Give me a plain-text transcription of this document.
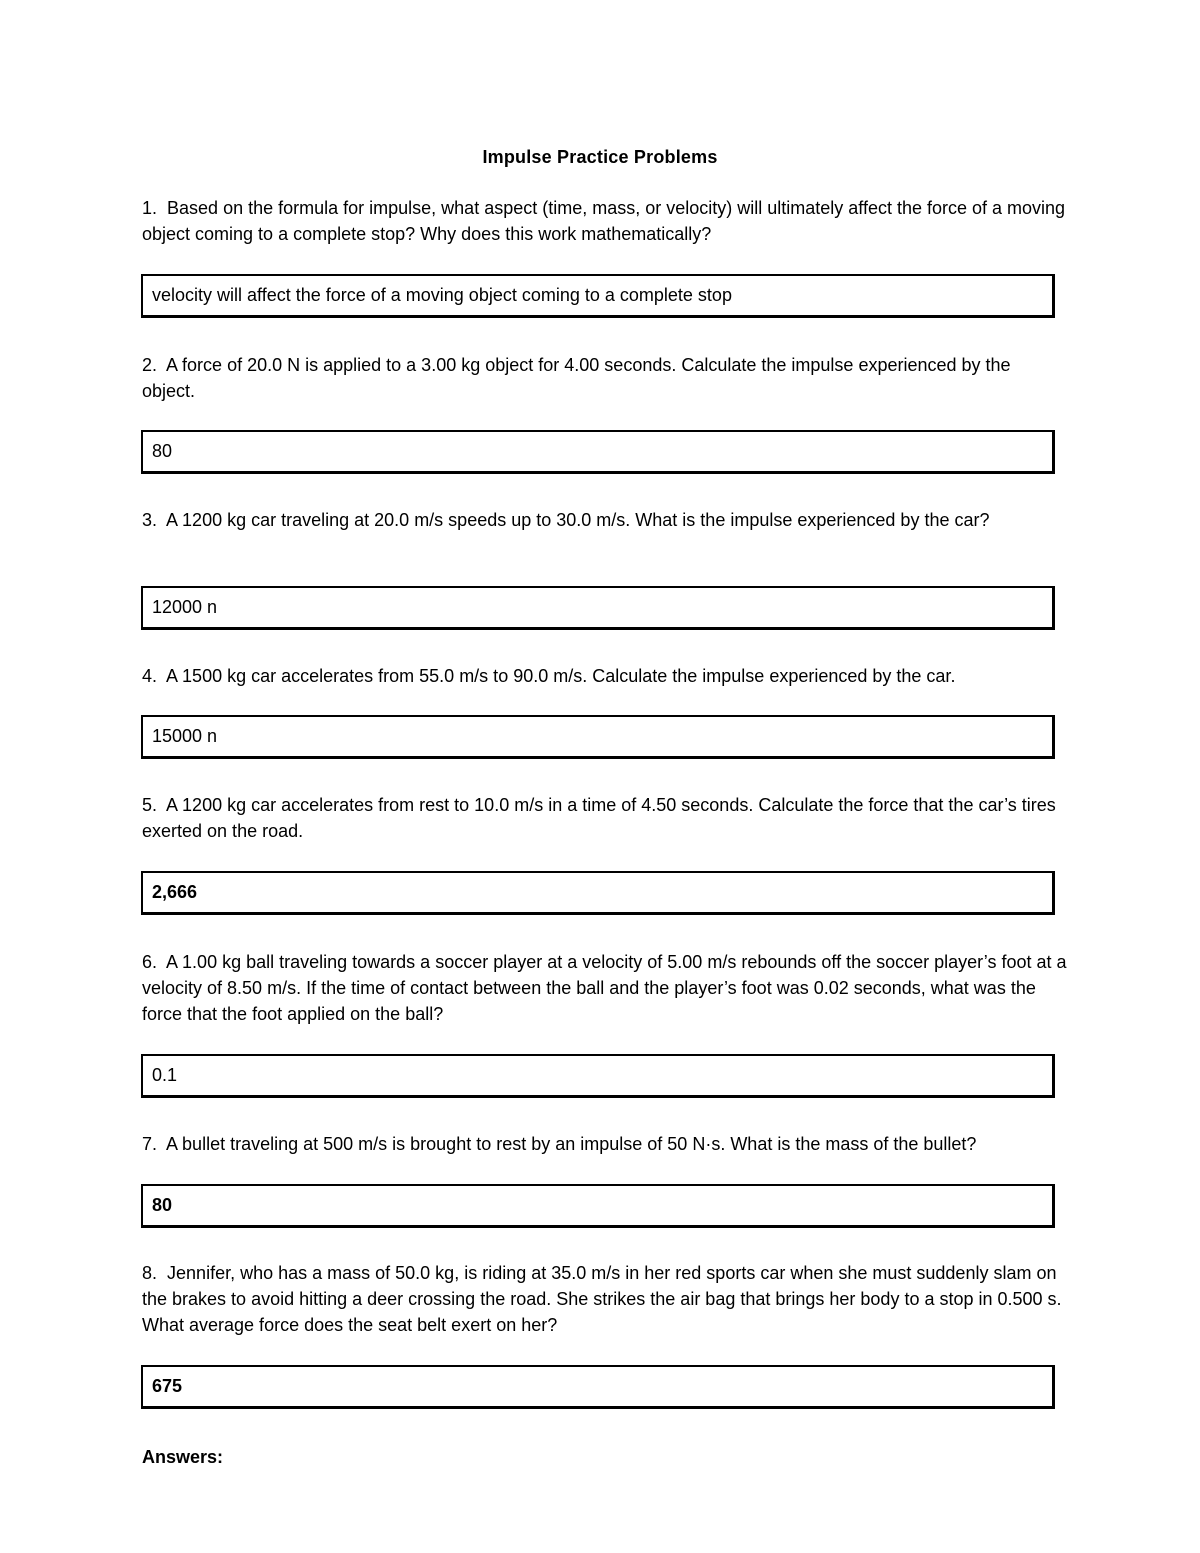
Impulse Practice Problems
1.  Based on the formula for impulse, what aspect (time, mass, or velocity) will ultimately affect the force of a moving object coming to a complete stop? Why does this work mathematically?
velocity will affect the force of a moving object coming to a complete stop
2.  A force of 20.0 N is applied to a 3.00 kg object for 4.00 seconds. Calculate the impulse experienced by the object.
80
3.  A 1200 kg car traveling at 20.0 m/s speeds up to 30.0 m/s. What is the impulse experienced by the car?
12000 n
4.  A 1500 kg car accelerates from 55.0 m/s to 90.0 m/s. Calculate the impulse experienced by the car.
15000 n
5.  A 1200 kg car accelerates from rest to 10.0 m/s in a time of 4.50 seconds. Calculate the force that the car’s tires exerted on the road.
2,666
6.  A 1.00 kg ball traveling towards a soccer player at a velocity of 5.00 m/s rebounds off the soccer player’s foot at a velocity of 8.50 m/s. If the time of contact between the ball and the player’s foot was 0.02 seconds, what was the force that the foot applied on the ball?
0.1
7.  A bullet traveling at 500 m/s is brought to rest by an impulse of 50 N·s. What is the mass of the bullet?
80
8.  Jennifer, who has a mass of 50.0 kg, is riding at 35.0 m/s in her red sports car when she must suddenly slam on the brakes to avoid hitting a deer crossing the road. She strikes the air bag that brings her body to a stop in 0.500 s. What average force does the seat belt exert on her?
675
Answers:
